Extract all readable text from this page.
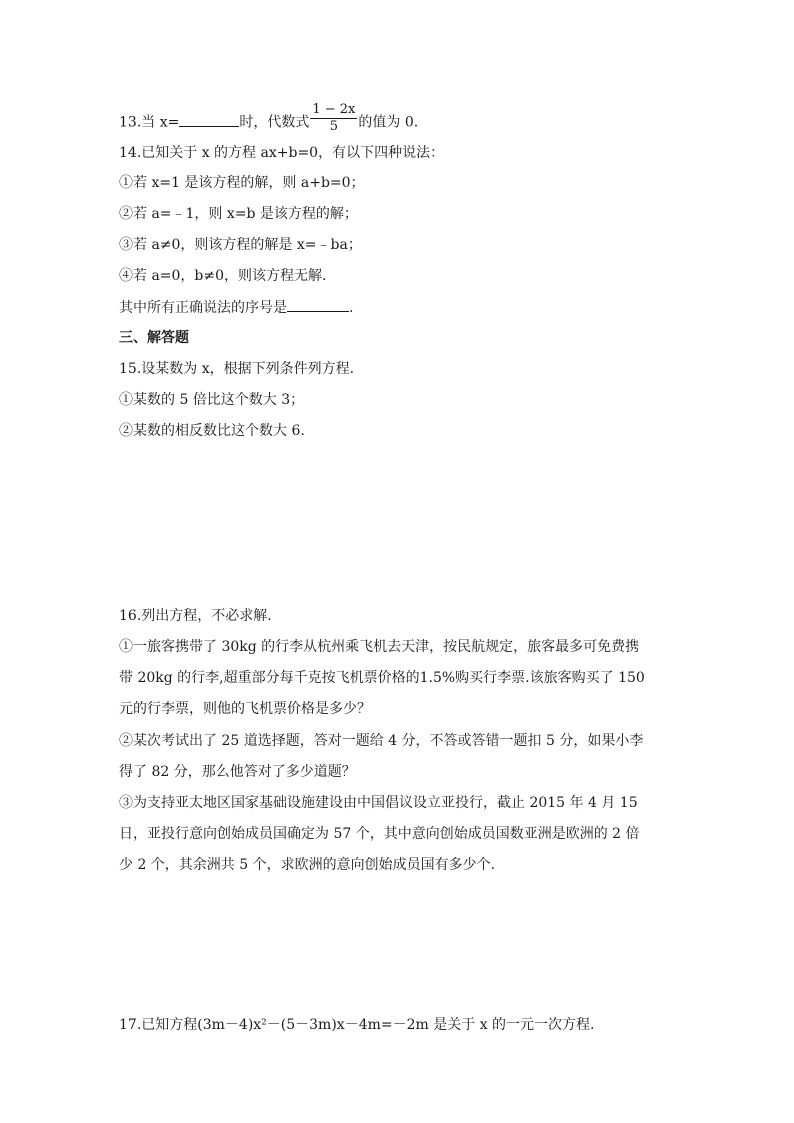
13.当 x=	时，代数式 $\frac{1 - 2x}{5}$ 的值为 0.
14.已知关于 x 的方程 ax+b=0，有以下四种说法：
①若 x=1 是该方程的解，则 a+b=0；
②若 a=﹣1，则 x=b 是该方程的解；
③若 a≠0，则该方程的解是 x=﹣ba；
④若 a=0，b≠0，则该方程无解.
其中所有正确说法的序号是	.
三、解答题
15.设某数为 x，根据下列条件列方程.
①某数的 5 倍比这个数大 3；
②某数的相反数比这个数大 6.
16.列出方程，不必求解.
①一旅客携带了 30kg 的行李从杭州乘飞机去天津，按民航规定，旅客最多可免费携
带 20kg 的行李,超重部分每千克按飞机票价格的1.5%购买行李票.该旅客购买了 150
元的行李票，则他的飞机票价格是多少？
②某次考试出了 25 道选择题，答对一题给 4 分，不答或答错一题扣 5 分，如果小李
得了 82 分，那么他答对了多少道题？
③为支持亚太地区国家基础设施建设由中国倡议设立亚投行，截止 2015 年 4 月 15
日，亚投行意向创始成员国确定为 57 个，其中意向创始成员国数亚洲是欧洲的 2 倍
少 2 个，其余洲共 5 个，求欧洲的意向创始成员国有多少个.
17.已知方程(3m－4)x²－(5－3m)x－4m=－2m 是关于 x 的一元一次方程.
